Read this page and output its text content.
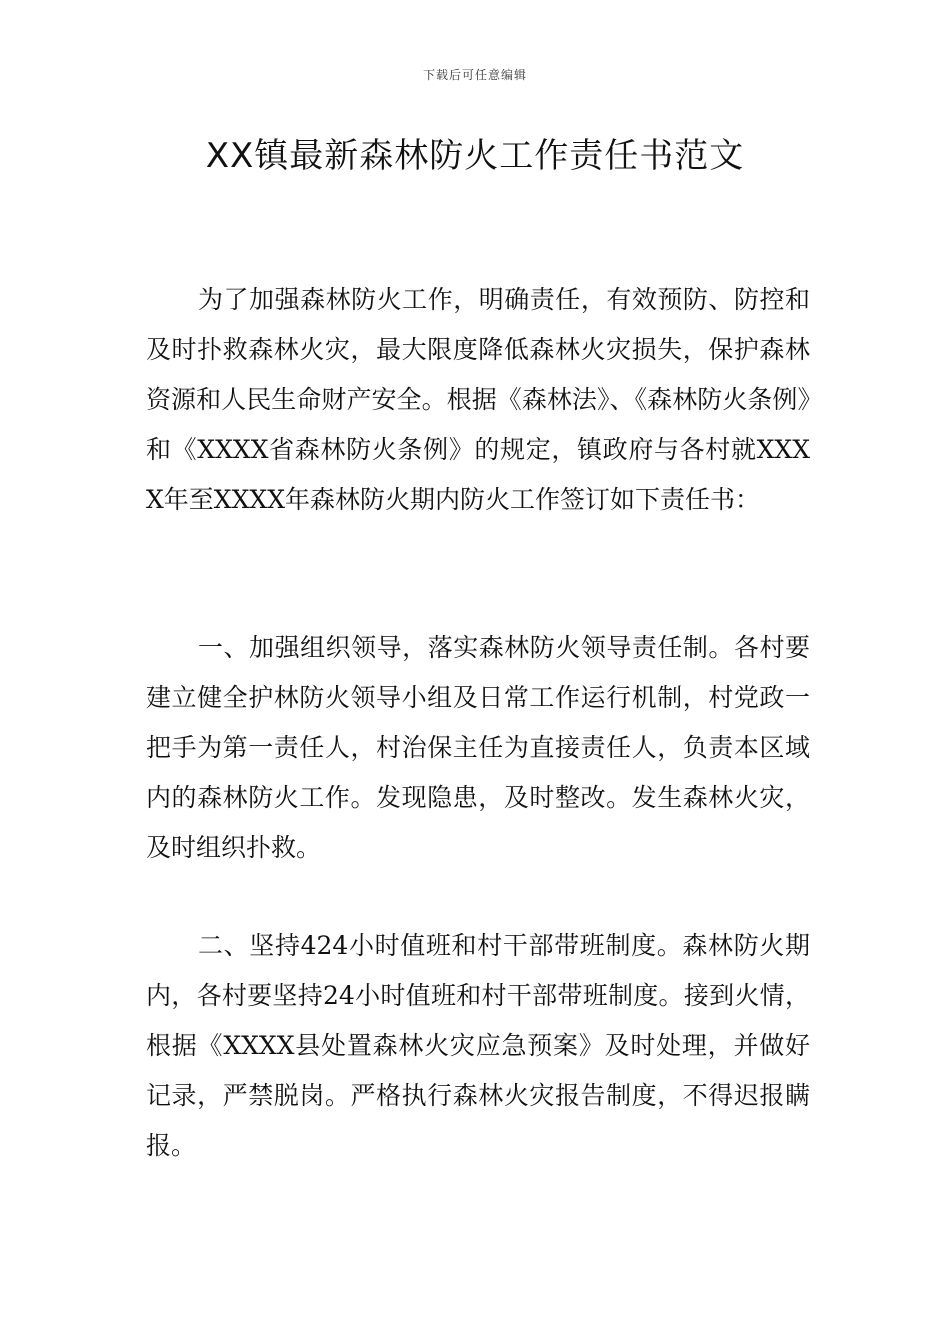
下载后可任意编辑
XX镇最新森林防火工作责任书范文

为了加强森林防火工作，明确责任，有效预防、防控和及时扑救森林火灾，最大限度降低森林火灾损失，保护森林资源和人民生命财产安全。根据《森林法》、《森林防火条例》和《XXXX省森林防火条例》的规定，镇政府与各村就XXXX年至XXXX年森林防火期内防火工作签订如下责任书：

一、加强组织领导，落实森林防火领导责任制。各村要建立健全护林防火领导小组及日常工作运行机制，村党政一把手为第一责任人，村治保主任为直接责任人，负责本区域内的森林防火工作。发现隐患，及时整改。发生森林火灾，及时组织扑救。

二、坚持424小时值班和村干部带班制度。森林防火期内，各村要坚持24小时值班和村干部带班制度。接到火情，根据《XXXX县处置森林火灾应急预案》及时处理，并做好记录，严禁脱岗。严格执行森林火灾报告制度，不得迟报瞒报。
